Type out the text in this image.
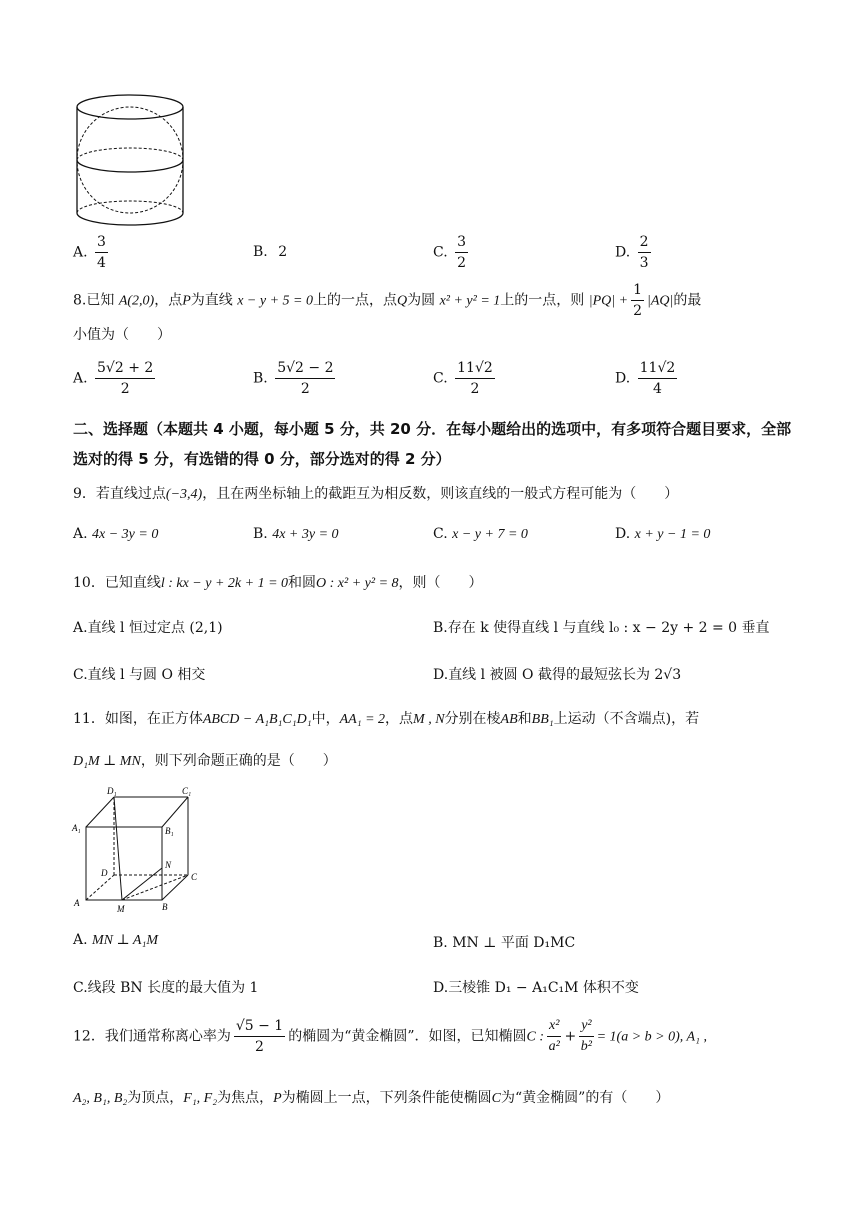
A. $\frac{3}{4}$	B. 2	C. $\frac{3}{2}$	D. $\frac{2}{3}$
8.已知 A(2,0)，点P为直线 x − y + 5 = 0上的一点，点Q为圆 x² + y² = 1上的一点，则 $|PQ| + \frac{1}{2} |AQ|$的最
小值为（　　）
A. $\frac{5√2 + 2}{2}$	B. $\frac{5√2 - 2}{2}$	C. $\frac{11√2}{2}$	D. $\frac{11√2}{4}$
二、选择题（本题共 4 小题，每小题 5 分，共 20 分．在每小题给出的选项中，有多项符合题目要求，全部选对的得 5 分，有选错的得 0 分，部分选对的得 2 分）
9．若直线过点(−3,4)，且在两坐标轴上的截距互为相反数，则该直线的一般式方程可能为（　　）
A. 4x − 3y = 0	B. 4x + 3y = 0	C. x − y + 7 = 0	D. x + y − 1 = 0
10．已知直线l : kx − y + 2k + 1 = 0和圆O : x² + y² = 8，则（　　）
A.直线 l 恒过定点 (2,1)	B.存在 k 使得直线 l 与直线 l₀ : x − 2y + 2 = 0 垂直
C.直线 l 与圆 O 相交	D.直线 l 被圆 O 截得的最短弦长为 2√3
11．如图，在正方体ABCD − A₁B₁C₁D₁中，AA₁ = 2，点M , N分别在棱AB和BB₁上运动（不含端点)，若
D₁M ⊥ MN，则下列命题正确的是（　　）
D₁	C₁
A₁	B₁
N
D	C
A
M	B
A. MN ⊥ A₁M	B. MN ⊥ 平面 D₁MC
C.线段 BN 长度的最大值为 1	D.三棱锥 D₁ − A₁C₁M 体积不变
12．我们通常称离心率为 $\frac{√5 - 1}{2}$ 的椭圆为“黄金椭圆”．如图，已知椭圆C : $\frac{\text{x²}}{\text{a²}} + \frac{\text{y²}}{\text{b²}} = 1(a > b > 0)$, A₁ ,
A₂, B₁, B₂为顶点，F₁, F₂为焦点，P为椭圆上一点，下列条件能使椭圆C为“黄金椭圆”的有（　　）
